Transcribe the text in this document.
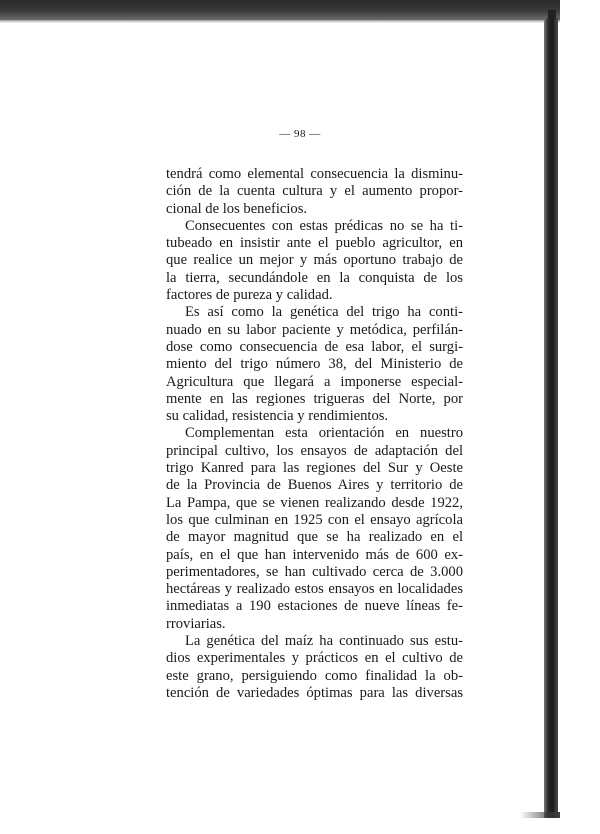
— 98 —
tendrá como elemental consecuencia la disminu-
ción de la cuenta cultura y el aumento propor-
cional de los beneficios.
Consecuentes con estas prédicas no se ha ti-
tubeado en insistir ante el pueblo agricultor, en
que realice un mejor y más oportuno trabajo de
la tierra, secundándole en la conquista de los
factores de pureza y calidad.
Es así como la genética del trigo ha conti-
nuado en su labor paciente y metódica, perfilán-
dose como consecuencia de esa labor, el surgi-
miento del trigo número 38, del Ministerio de
Agricultura que llegará a imponerse especial-
mente en las regiones trigueras del Norte, por
su calidad, resistencia y rendimientos.
Complementan esta orientación en nuestro
principal cultivo, los ensayos de adaptación del
trigo Kanred para las regiones del Sur y Oeste
de la Provincia de Buenos Aires y territorio de
La Pampa, que se vienen realizando desde 1922,
los que culminan en 1925 con el ensayo agrícola
de mayor magnitud que se ha realizado en el
país, en el que han intervenido más de 600 ex-
perimentadores, se han cultivado cerca de 3.000
hectáreas y realizado estos ensayos en localidades
inmediatas a 190 estaciones de nueve líneas fe-
rroviarias.
La genética del maíz ha continuado sus estu-
dios experimentales y prácticos en el cultivo de
este grano, persiguiendo como finalidad la ob-
tención de variedades óptimas para las diversas
